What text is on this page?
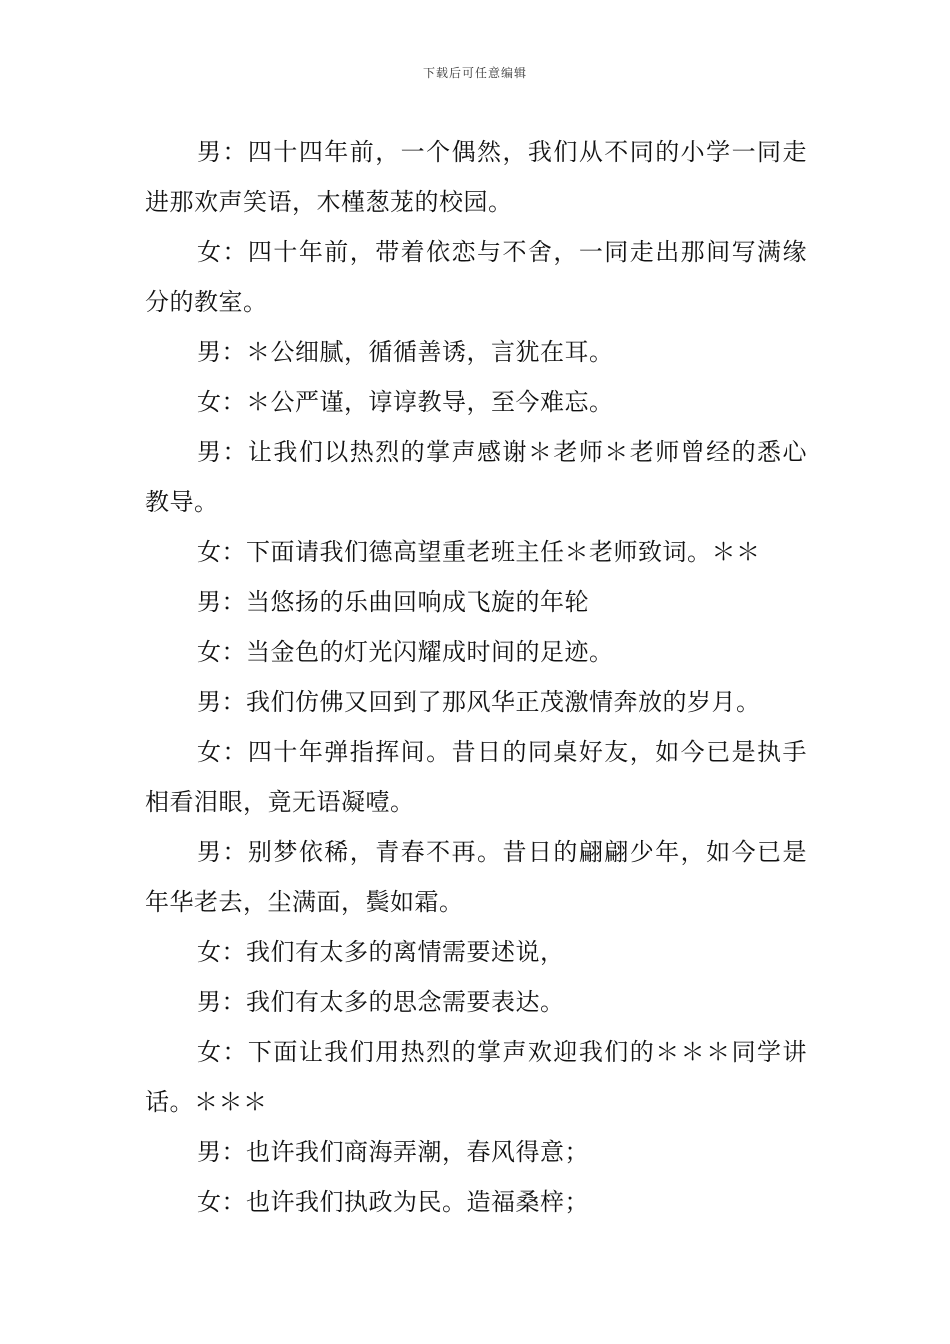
下载后可任意编辑

男：四十四年前，一个偶然，我们从不同的小学一同走进那欢声笑语，木槿葱茏的校园。

女：四十年前，带着依恋与不舍，一同走出那间写满缘分的教室。

男：＊公细腻，循循善诱，言犹在耳。

女：＊公严谨，谆谆教导，至今难忘。

男：让我们以热烈的掌声感谢＊老师＊老师曾经的悉心教导。

女：下面请我们德高望重老班主任＊老师致词。＊＊

男：当悠扬的乐曲回响成飞旋的年轮

女：当金色的灯光闪耀成时间的足迹。

男：我们仿佛又回到了那风华正茂激情奔放的岁月。

女：四十年弹指挥间。昔日的同桌好友，如今已是执手相看泪眼，竟无语凝噎。

男：别梦依稀，青春不再。昔日的翩翩少年，如今已是年华老去，尘满面，鬓如霜。

女：我们有太多的离情需要述说，

男：我们有太多的思念需要表达。

女：下面让我们用热烈的掌声欢迎我们的＊＊＊同学讲话。＊＊＊

男：也许我们商海弄潮，春风得意；

女：也许我们执政为民。造福桑梓；
